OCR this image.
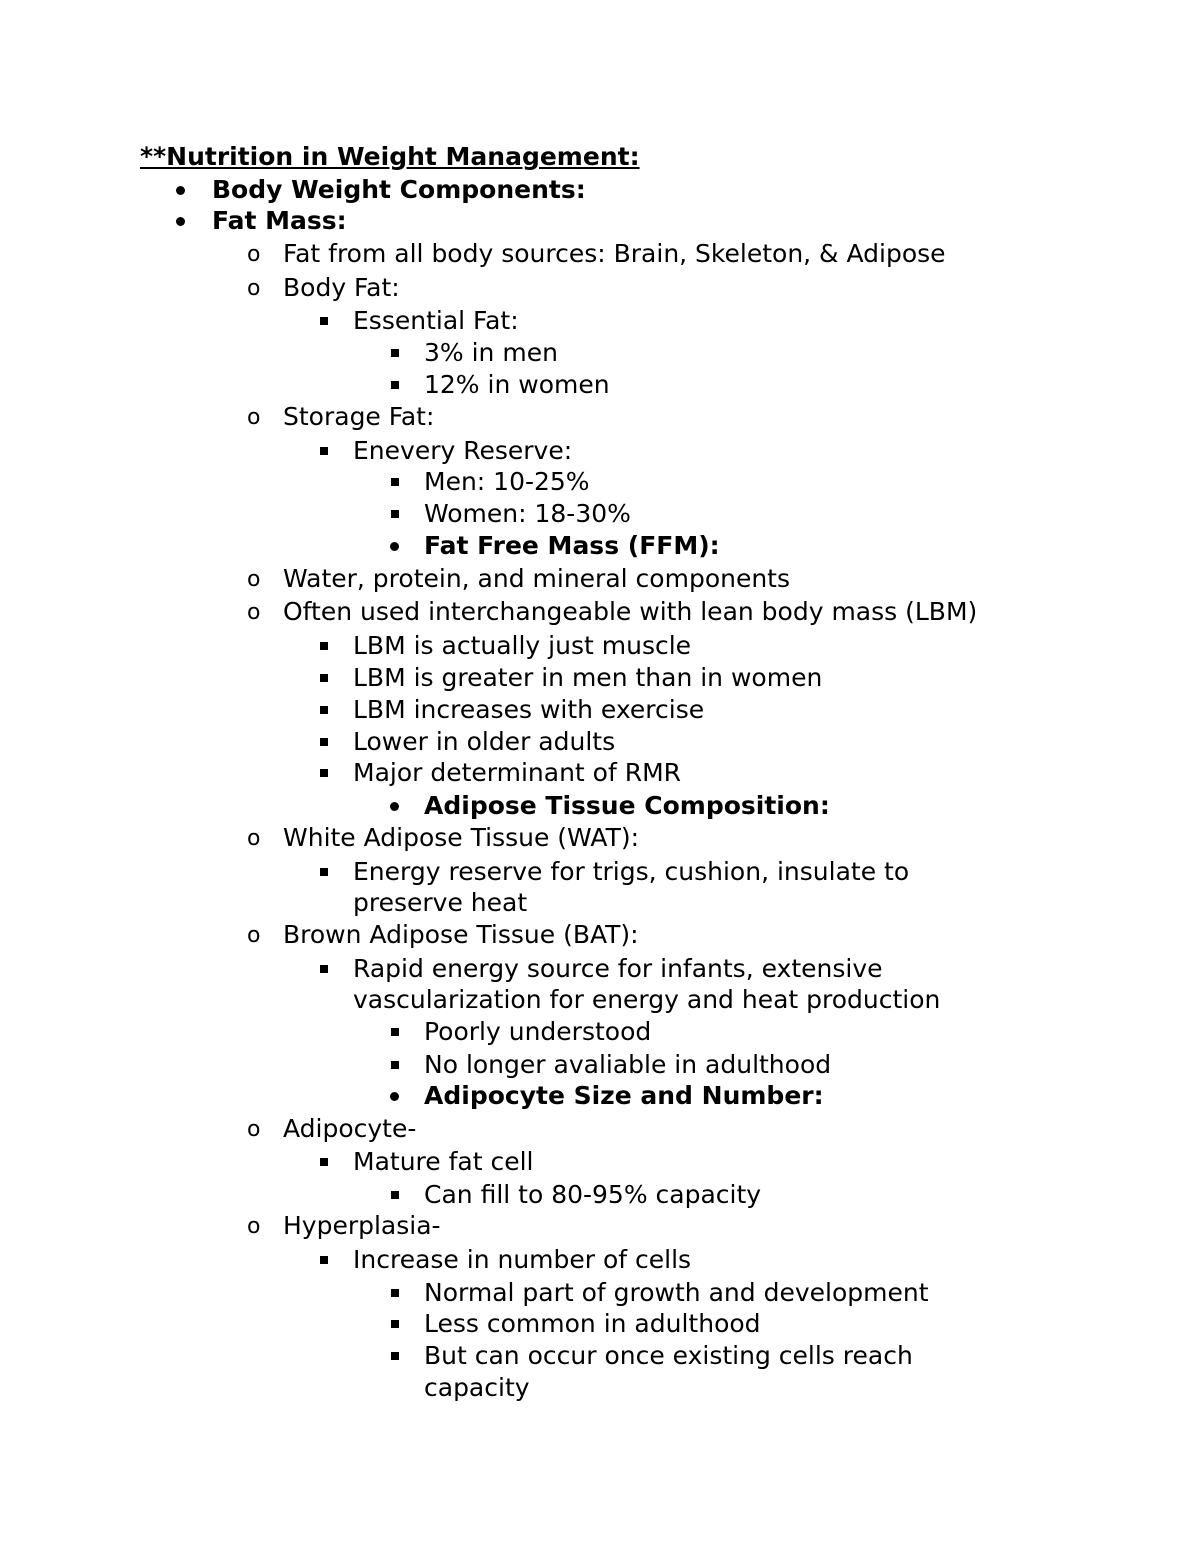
**Nutrition in Weight Management:
Body Weight Components:
Fat Mass:
o Fat from all body sources: Brain, Skeleton, & Adipose
o Body Fat:
Essential Fat:
3% in men
12% in women
o Storage Fat:
Enevery Reserve:
Men: 10-25%
Women: 18-30%
Fat Free Mass (FFM):
o Water, protein, and mineral components
o Often used interchangeable with lean body mass (LBM)
LBM is actually just muscle
LBM is greater in men than in women
LBM increases with exercise
Lower in older adults
Major determinant of RMR
Adipose Tissue Composition:
o White Adipose Tissue (WAT):
Energy reserve for trigs, cushion, insulate to
preserve heat
o Brown Adipose Tissue (BAT):
Rapid energy source for infants, extensive
vascularization for energy and heat production
Poorly understood
No longer avaliable in adulthood
Adipocyte Size and Number:
o Adipocyte-
Mature fat cell
Can fill to 80-95% capacity
o Hyperplasia-
Increase in number of cells
Normal part of growth and development
Less common in adulthood
But can occur once existing cells reach
capacity
